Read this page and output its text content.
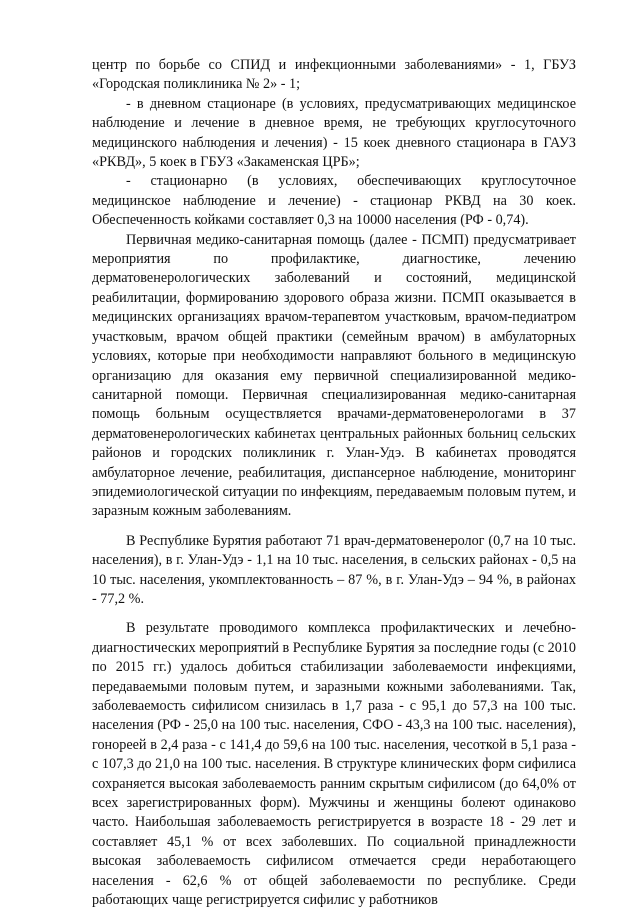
центр по борьбе со СПИД и инфекционными заболеваниями» - 1, ГБУЗ «Городская поликлиника № 2» - 1;

- в дневном стационаре (в условиях, предусматривающих медицинское наблюдение и лечение в дневное время, не требующих круглосуточного медицинского наблюдения и лечения) - 15 коек дневного стационара в ГАУЗ «РКВД», 5 коек в ГБУЗ «Закаменская ЦРБ»;

- стационарно (в условиях, обеспечивающих круглосуточное медицинское наблюдение и лечение) - стационар РКВД на 30 коек. Обеспеченность койками составляет 0,3 на 10000 населения (РФ - 0,74).

Первичная медико-санитарная помощь (далее - ПСМП) предусматривает мероприятия по профилактике, диагностике, лечению дерматовенерологических заболеваний и состояний, медицинской реабилитации, формированию здорового образа жизни. ПСМП оказывается в медицинских организациях врачом-терапевтом участковым, врачом-педиатром участковым, врачом общей практики (семейным врачом) в амбулаторных условиях, которые при необходимости направляют больного в медицинскую организацию для оказания ему первичной специализированной медико-санитарной помощи. Первичная специализированная медико-санитарная помощь больным осуществляется врачами-дерматовенерологами в 37 дерматовенерологических кабинетах центральных районных больниц сельских районов и городских поликлиник г. Улан-Удэ. В кабинетах проводятся амбулаторное лечение, реабилитация, диспансерное наблюдение, мониторинг эпидемиологической ситуации по инфекциям, передаваемым половым путем, и заразным кожным заболеваниям.

В Республике Бурятия работают 71 врач-дерматовенеролог (0,7 на 10 тыс. населения), в г. Улан-Удэ - 1,1 на 10 тыс. населения, в сельских районах - 0,5 на 10 тыс. населения, укомплектованность – 87 %, в г. Улан-Удэ – 94 %, в районах - 77,2 %.

В результате проводимого комплекса профилактических и лечебно-диагностических мероприятий в Республике Бурятия за последние годы (с 2010 по 2015 гг.) удалось добиться стабилизации заболеваемости инфекциями, передаваемыми половым путем, и заразными кожными заболеваниями. Так, заболеваемость сифилисом снизилась в 1,7 раза - с 95,1 до 57,3 на 100 тыс. населения (РФ - 25,0 на 100 тыс. населения, СФО - 43,3 на 100 тыс. населения), гонореей в 2,4 раза - с 141,4 до 59,6 на 100 тыс. населения, чесоткой в 5,1 раза - с 107,3 до 21,0 на 100 тыс. населения. В структуре клинических форм сифилиса сохраняется высокая заболеваемость ранним скрытым сифилисом (до 64,0% от всех зарегистрированных форм). Мужчины и женщины болеют одинаково часто. Наибольшая заболеваемость регистрируется в возрасте 18 - 29 лет и составляет 45,1 % от всех заболевших. По социальной принадлежности высокая заболеваемость сифилисом отмечается среди неработающего населения - 62,6 % от общей заболеваемости по республике. Среди работающих чаще регистрируется сифилис у работников
